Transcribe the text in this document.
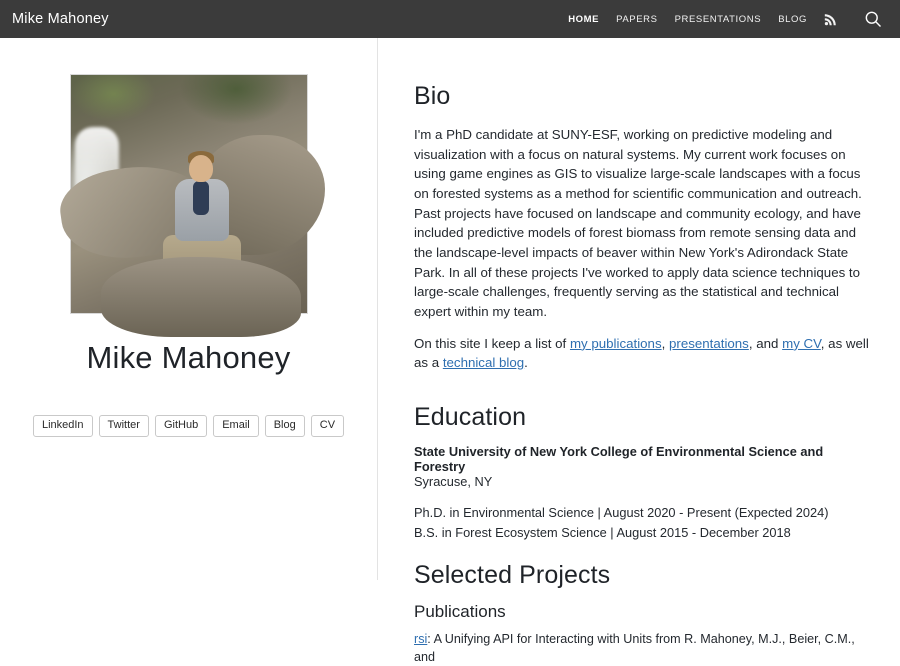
Mike Mahoney	HOME PAPERS PRESENTATIONS BLOG
Mike Mahoney
LinkedIn	Twitter	GitHub	Email	Blog	CV
Bio

I'm a PhD candidate at SUNY-ESF, working on predictive modeling and visualization with a focus on natural systems. My current work focuses on using game engines as GIS to visualize large-scale landscapes with a focus on forested systems as a method for scientific communication and outreach. Past projects have focused on landscape and community ecology, and have included predictive models of forest biomass from remote sensing data and the landscape-level impacts of beaver within New York's Adirondack State Park. In all of these projects I've worked to apply data science techniques to large-scale challenges, frequently serving as the statistical and technical expert within my team.

On this site I keep a list of my publications, presentations, and my CV, as well as a technical blog.

Education

State University of New York College of Environmental Science and Forestry

Syracuse, NY

Ph.D. in Environmental Science | August 2020 - Present (Expected 2024)

B.S. in Forest Ecosystem Science | August 2015 - December 2018

Selected Projects
Publications

rsi: A Unifying API for Interacting with Units from R. Mahoney, M.J., Beier, C.M., and
